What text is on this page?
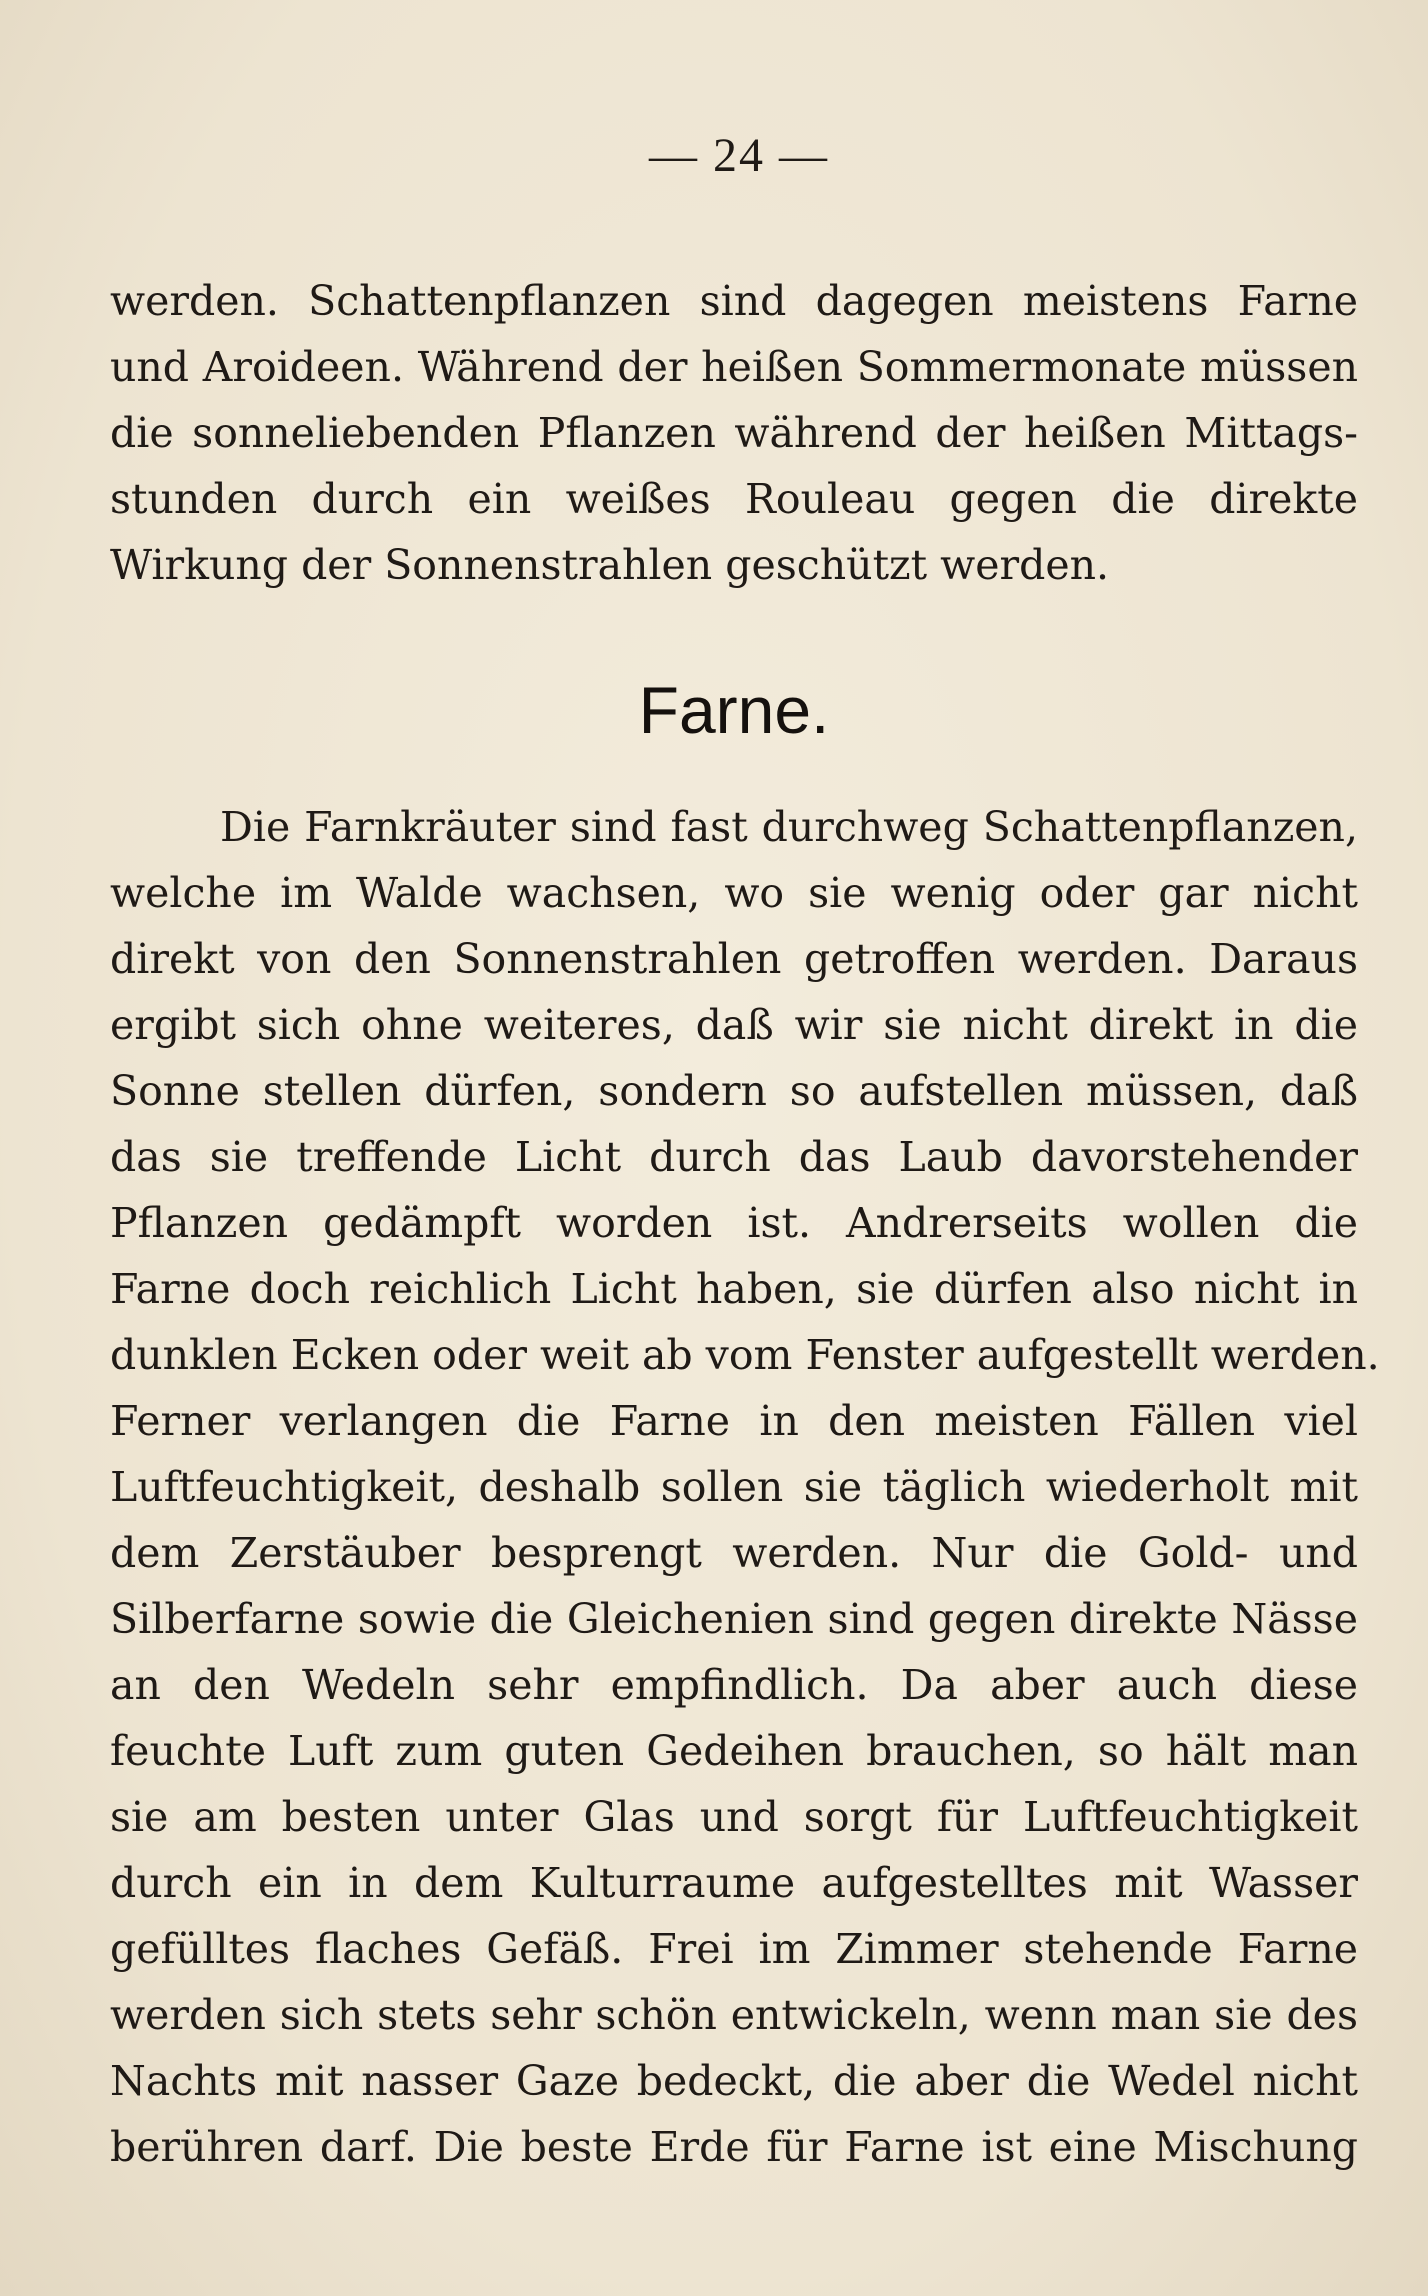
— 24 —
werden. Schattenpflanzen sind dagegen meistens Farne
und Aroideen. Während der heißen Sommermonate müssen
die sonneliebenden Pflanzen während der heißen Mittags-
stunden durch ein weißes Rouleau gegen die direkte
Wirkung der Sonnenstrahlen geschützt werden.
Farne.
Die Farnkräuter sind fast durchweg Schattenpflanzen,
welche im Walde wachsen, wo sie wenig oder gar nicht
direkt von den Sonnenstrahlen getroffen werden. Daraus
ergibt sich ohne weiteres, daß wir sie nicht direkt in die
Sonne stellen dürfen, sondern so aufstellen müssen, daß
das sie treffende Licht durch das Laub davorstehender
Pflanzen gedämpft worden ist. Andrerseits wollen die
Farne doch reichlich Licht haben, sie dürfen also nicht in
dunklen Ecken oder weit ab vom Fenster aufgestellt werden.
Ferner verlangen die Farne in den meisten Fällen viel
Luftfeuchtigkeit, deshalb sollen sie täglich wiederholt mit
dem Zerstäuber besprengt werden. Nur die Gold- und
Silberfarne sowie die Gleichenien sind gegen direkte Nässe
an den Wedeln sehr empfindlich. Da aber auch diese
feuchte Luft zum guten Gedeihen brauchen, so hält man
sie am besten unter Glas und sorgt für Luftfeuchtigkeit
durch ein in dem Kulturraume aufgestelltes mit Wasser
gefülltes flaches Gefäß. Frei im Zimmer stehende Farne
werden sich stets sehr schön entwickeln, wenn man sie des
Nachts mit nasser Gaze bedeckt, die aber die Wedel nicht
berühren darf. Die beste Erde für Farne ist eine Mischung
